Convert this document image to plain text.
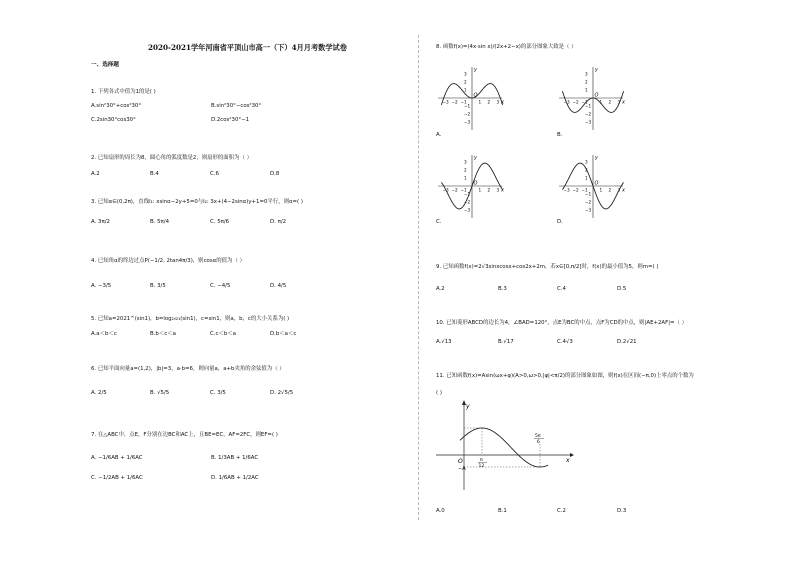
2020-2021学年河南省平顶山市高一（下）4月月考数学试卷
一、选择题
1. 下列各式中值为1的是( )
A.sin²30°+cos²30°	B.sin²30°−cos²30°
C.2sin30°cos30°	D.2cos²30°−1
2. 已知扇形的周长为8，圆心角的弧度数是2，则扇形的面积为（ ）
A.2	B.4	C.6	D.8
3. 已知α∈(0,2π)，直线l₁: xsinα−2y+5=0与l₂: 3x+(4−2sinα)y+1=0平行，则α=( )
A. 3π/2	B. 5π/4	C. 5π/6	D. π/2
4. 已知角α的终边过点P(−1/2, 2tan4π/3)，则cosα的值为（ ）
A. −3/5	B. 3/5	C. −4/5	D. 4/5
5. 已知a=2021^(sin1)，b=log₂₀₂₁(sin1)，c=sin1，则a，b，c的大小关系为( )
A.a＜b＜c	B.b＜c＜a	C.c＜b＜a	D.b＜a＜c
6. 已知平面向量a=(1,2)，|b|=3，a·b=6，则向量a，a+b夹角的余弦值为（ ）
A. 2/5	B. √5/5	C. 3/5	D. 2√5/5
7. 在△ABC中，点E，F分别在边BC和AC上，且BE=EC，AF=2FC，则EF=( )
A. −1/6AB + 1/6AC	B. 1/3AB + 1/6AC
C. −1/2AB + 1/6AC	D. 1/6AB + 1/2AC
8. 函数f(x)=(4x·sin x)/(2x+2−x)的部分图象大致是（ ）
−3 −2 −1	1 2 3
3
2
1
−1
−2
−3
y
x
O
A.
−3 −2 −1	1 2 3
3
2
1
−1
−2
−3
y
x
O
B.
−3 −2 −1	1 2 3
3
2
1
−1
−2
−3
y
x
O
C.
−3 −2 −1	1 2 3
3
2
1
−1
−2
−3
y
x
O
D.
9. 已知函数f(x)=2√3sinxcosx+cos2x+2m，若x∈[0,π/2]时，f(x)的最小值为5，则m=( )
A.2	B.3	C.4	D.5
10. 已知菱形ABCD的边长为4，∠BAD=120°，点E为BC的中点，点F为CD的中点，则|AE+2AF|=（ ）
A.√13	B.√17	C.4√3	D.2√21
11. 已知函数f(x)=Asin(ωx+φ)(A>0,ω>0,|φ|<π/2)的部分图象如图，则f(x)在区间(−π,0)上零点的个数为
( )
y
x
O
−A
π
12
5π
6
A.0	B.1	C.2	D.3
